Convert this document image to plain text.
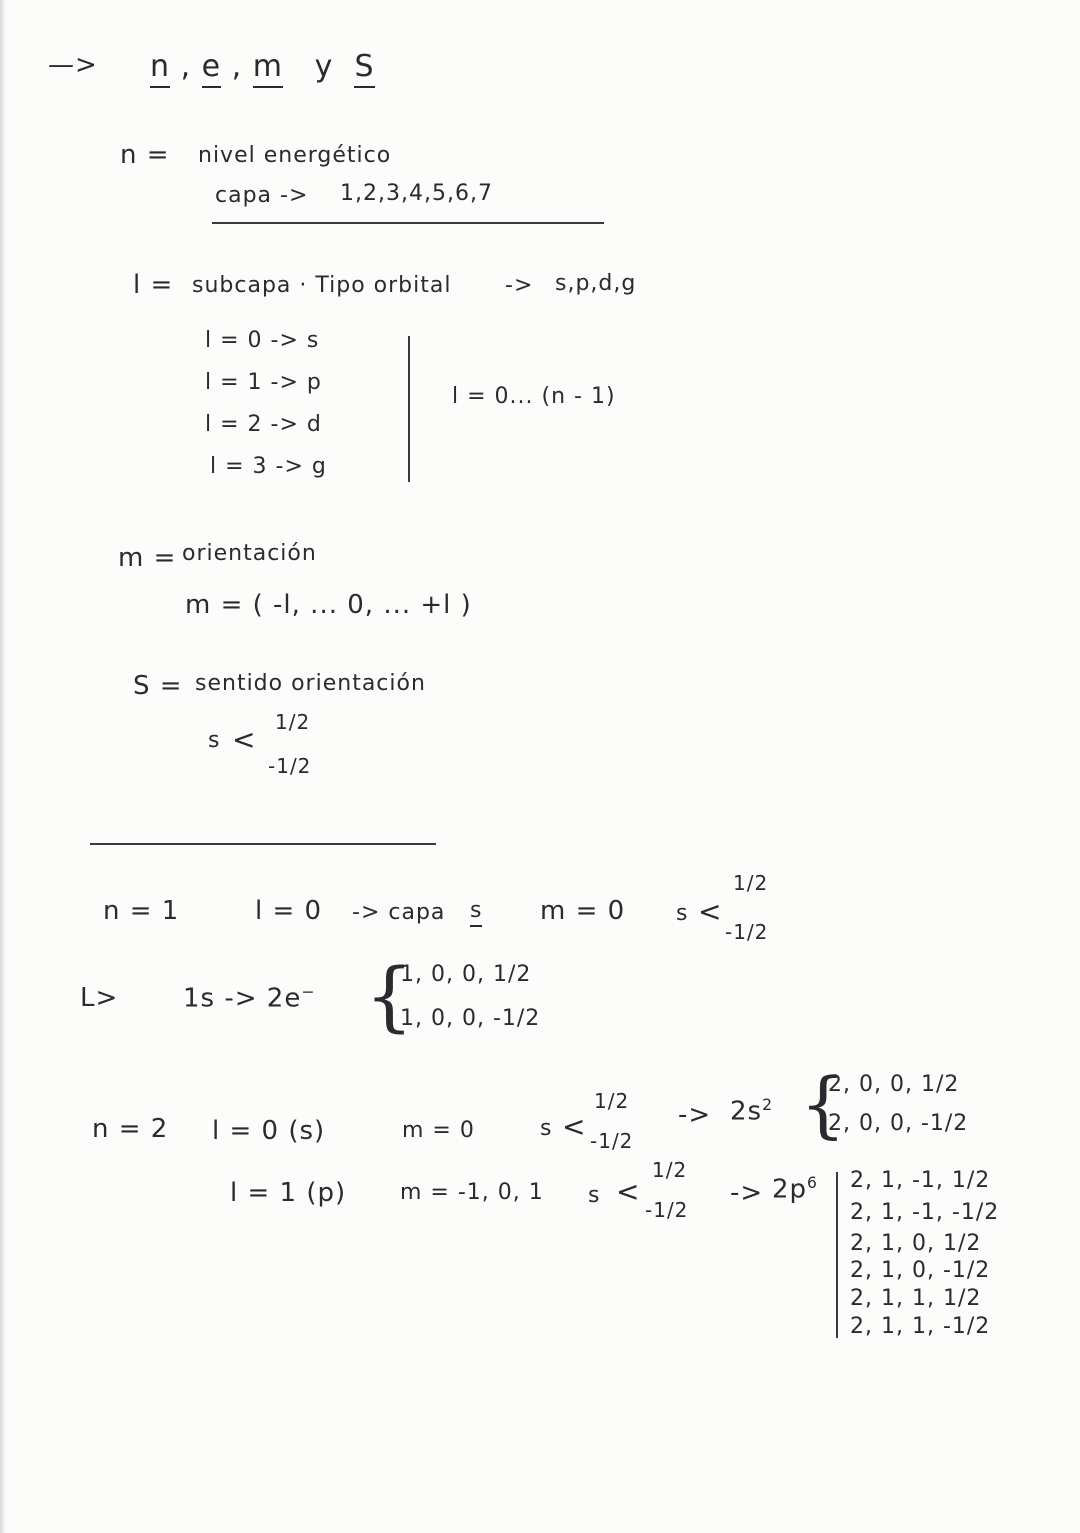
—> n , e , m y S
n = nivel energético
capa -> 1,2,3,4,5,6,7
l = subcapa · Tipo orbital -> s,p,d,g
l = 0 -> s
l = 1 -> p
l = 2 -> d
l = 3 -> g
l = 0... (n - 1)
m = orientación
m = ( -l, ... 0, ... +l )
S = sentido orientación
s <
1/2
-1/2
n = 1	l = 0 -> capa s m = 0 s <
1/2
-1/2
L> 1s -> 2e− {
1, 0, 0, 1/2
1, 0, 0, -1/2
n = 2 l = 0 (s)	m = 0	s <
1/2
-1/2
-> $2s^2$ {
2, 0, 0, 1/2
2, 0, 0, -1/2
l = 1 (p) m = -1, 0, 1 s <
1/2
-1/2
-> $2p^6$ 2, 1, -1, 1/2
2, 1, -1, -1/2
2, 1, 0, 1/2
2, 1, 0, -1/2
2, 1, 1, 1/2
2, 1, 1, -1/2
